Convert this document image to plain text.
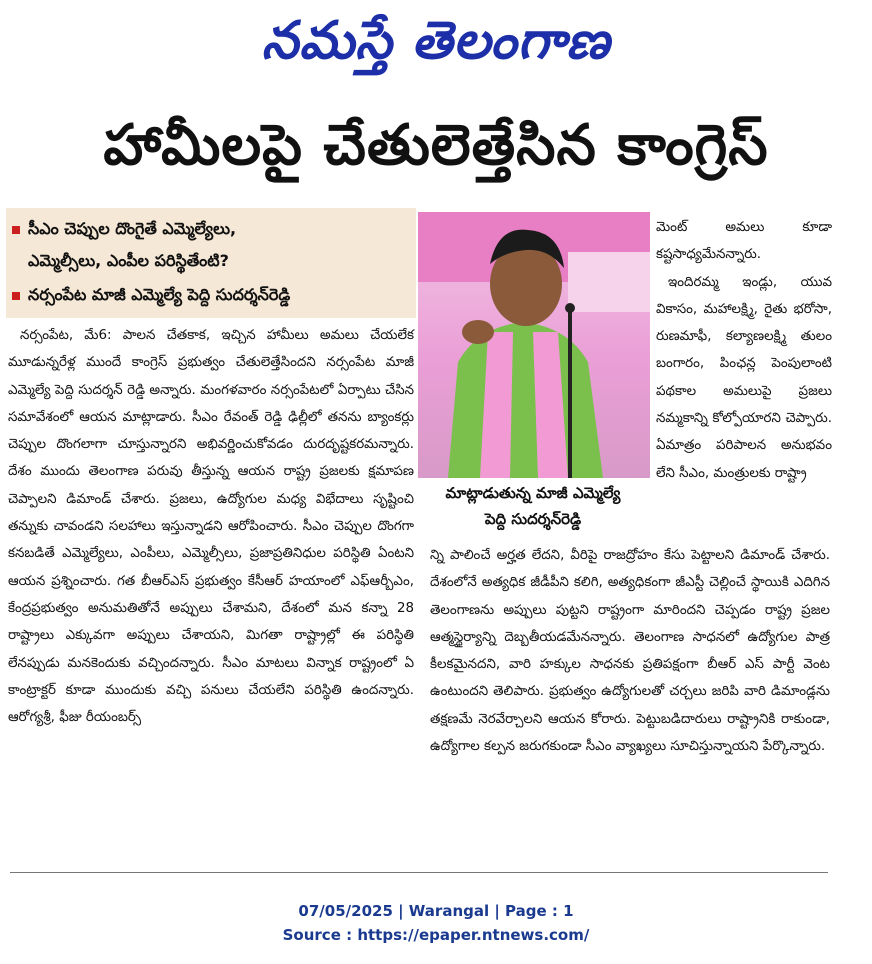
నమస్తే తెలంగాణ
హామీలపై చేతులెత్తేసిన కాంగ్రెస్
సీఎం చెప్పుల దొంగైతే ఎమ్మెల్యేలు,
ఎమ్మెల్సీలు, ఎంపీల పరిస్థితేంటి?
నర్సంపేట మాజీ ఎమ్మెల్యే పెద్ది సుదర్శన్‌రెడ్డి
మాట్లాడుతున్న మాజీ ఎమ్మెల్యే
పెద్ది సుదర్శన్‌రెడ్డి

మెంట్ అమలు కూడా కష్టసాధ్యమేనన్నారు.

ఇందిరమ్మ ఇండ్లు, యువ వికాసం, మహాలక్ష్మి, రైతు భరోసా, రుణమాఫీ, కల్యాణలక్ష్మి తులం బంగారం, పింఛన్ల పెంపులాంటి పథకాల అమలుపై ప్రజలు నమ్మకాన్ని కోల్పోయారని చెప్పారు. ఏమాత్రం పరిపాలన అనుభవం లేని సీఎం, మంత్రులకు రాష్ట్రా

నర్సంపేట, మే6: పాలన చేతకాక, ఇచ్చిన హామీలు అమలు చేయలేక మూడున్నరేళ్ల ముందే కాంగ్రెస్ ప్రభుత్వం చేతులెత్తేసిందని నర్సంపేట మాజీ ఎమ్మెల్యే పెద్ది సుదర్శన్ రెడ్డి అన్నారు. మంగళవారం నర్సంపేటలో ఏర్పాటు చేసిన సమావేశంలో ఆయన మాట్లాడారు. సీఎం రేవంత్ రెడ్డి ఢిల్లీలో తనను బ్యాంకర్లు చెప్పుల దొంగలాగా చూస్తున్నారని అభివర్ణించుకోవడం దురదృష్టకరమన్నారు. దేశం ముందు తెలంగాణ పరువు తీస్తున్న ఆయన రాష్ట్ర ప్రజలకు క్షమాపణ చెప్పాలని డిమాండ్ చేశారు. ప్రజలు, ఉద్యోగుల మధ్య విభేదాలు సృష్టించి తన్నుకు చావండని సలహాలు ఇస్తున్నాడని ఆరోపించారు. సీఎం చెప్పుల దొంగగా కనబడితే ఎమ్మెల్యేలు, ఎంపీలు, ఎమ్మెల్సీలు, ప్రజాప్రతినిధుల పరిస్థితి ఏంటని ఆయన ప్రశ్నించారు. గత బీఆర్ఎస్ ప్రభుత్వం కేసీఆర్ హయాంలో ఎఫ్ఆర్బీఎం, కేంద్రప్రభుత్వం అనుమతితోనే అప్పులు చేశామని, దేశంలో మన కన్నా 28 రాష్ట్రాలు ఎక్కువగా అప్పులు చేశాయని, మిగతా రాష్ట్రాల్లో ఈ పరిస్థితి లేనప్పుడు మనకెందుకు వచ్చిందన్నారు. సీఎం మాటలు విన్నాక రాష్ట్రంలో ఏ కాంట్రాక్టర్ కూడా ముందుకు వచ్చి పనులు చేయలేని పరిస్థితి ఉందన్నారు. ఆరోగ్యశ్రీ, ఫీజు రీయంబర్స్

న్ని పాలించే అర్హత లేదని, వీరిపై రాజద్రోహం కేసు పెట్టాలని డిమాండ్ చేశారు. దేశంలోనే అత్యధిక జీడీపీని కలిగి, అత్యధికంగా జీఎస్టీ చెల్లించే స్థాయికి ఎదిగిన తెలంగాణను అప్పులు పుట్టని రాష్ట్రంగా మారిందని చెప్పడం రాష్ట్ర ప్రజల ఆత్మస్థైర్యాన్ని దెబ్బతీయడమేనన్నారు. తెలంగాణ సాధనలో ఉద్యోగుల పాత్ర కీలకమైనదని, వారి హక్కుల సాధనకు ప్రతిపక్షంగా బీఆర్ ఎస్ పార్టీ వెంట ఉంటుందని తెలిపారు. ప్రభుత్వం ఉద్యోగులతో చర్చలు జరిపి వారి డిమాండ్లను తక్షణమే నెరవేర్చాలని ఆయన కోరారు. పెట్టుబడిదారులు రాష్ట్రానికి రాకుండా, ఉద్యోగాల కల్పన జరుగకుండా సీఎం వ్యాఖ్యలు సూచిస్తున్నాయని పేర్కొన్నారు.

07/05/2025 | Warangal | Page : 1
Source : https://epaper.ntnews.com/
